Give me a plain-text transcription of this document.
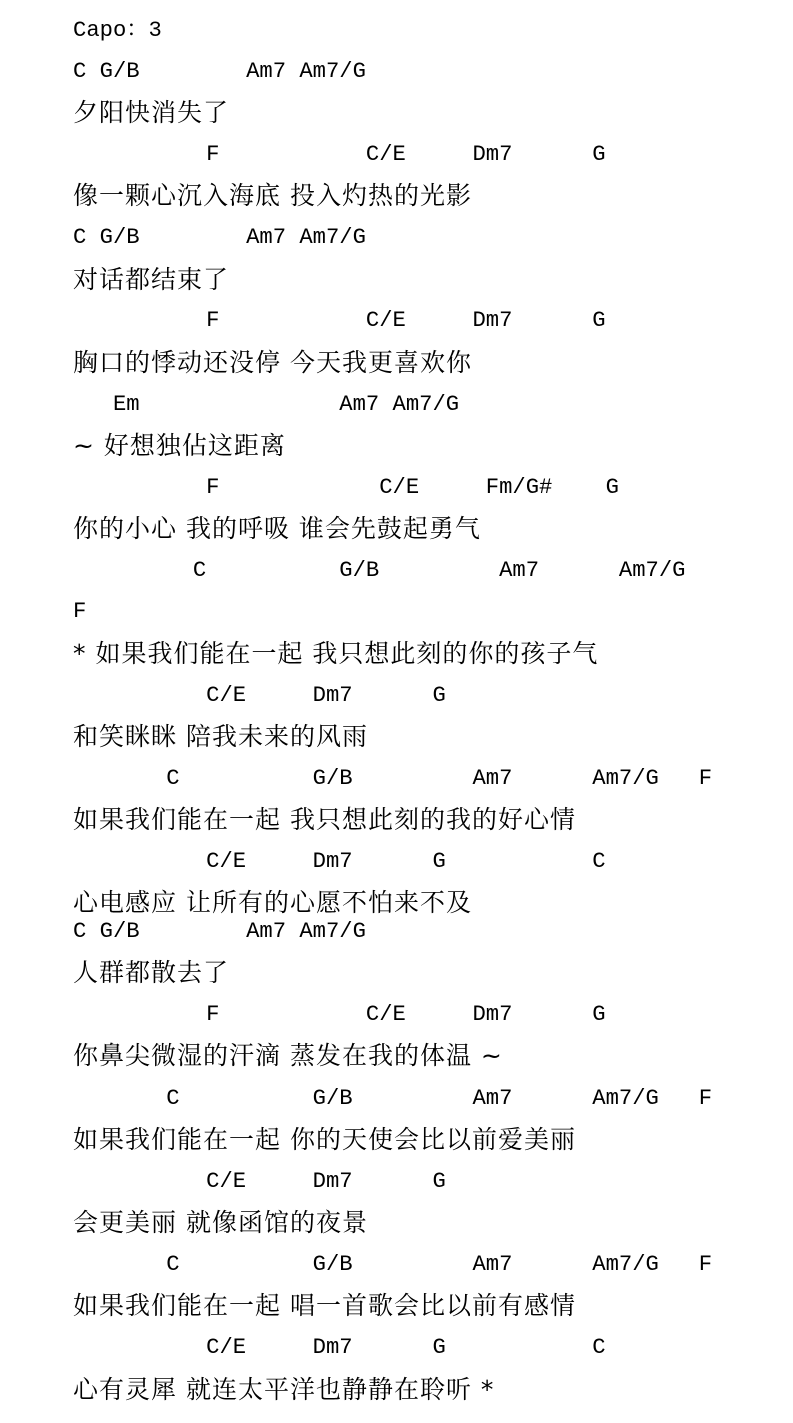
Capo：3
C G/B        Am7 Am7/G
夕阳快消失了
F           C/E     Dm7      G
像一颗心沉入海底 投入灼热的光影
C G/B        Am7 Am7/G
对话都结束了
F           C/E     Dm7      G
胸口的悸动还没停 今天我更喜欢你
Em               Am7 Am7/G
~ 好想独佔这距离
F            C/E     Fm/G#    G
你的小心 我的呼吸 谁会先鼓起勇气
C          G/B         Am7      Am7/G
F
* 如果我们能在一起 我只想此刻的你的孩子气
C/E     Dm7      G
和笑眯眯 陪我未来的风雨
C          G/B         Am7      Am7/G   F
如果我们能在一起 我只想此刻的我的好心情
C/E     Dm7      G           C
心电感应 让所有的心愿不怕来不及
C G/B        Am7 Am7/G
人群都散去了
F           C/E     Dm7      G
你鼻尖微湿的汗滴 蒸发在我的体温 ~
C          G/B         Am7      Am7/G   F
如果我们能在一起 你的天使会比以前爱美丽
C/E     Dm7      G
会更美丽 就像函馆的夜景
C          G/B         Am7      Am7/G   F
如果我们能在一起 唱一首歌会比以前有感情
C/E     Dm7      G           C
心有灵犀 就连太平洋也静静在聆听 *
